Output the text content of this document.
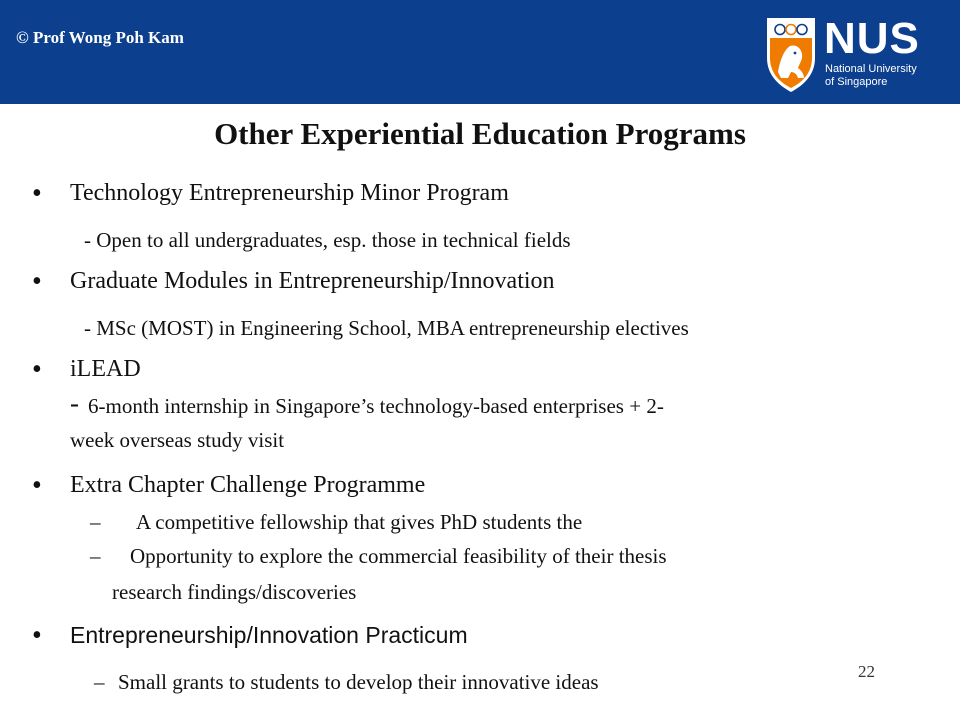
© Prof Wong Poh Kam	NUS
National University
of Singapore
Other Experiential Education Programs
• Technology Entrepreneurship Minor Program
- Open to all undergraduates, esp. those in technical fields
• Graduate Modules in Entrepreneurship/Innovation
- MSc (MOST) in Engineering School, MBA entrepreneurship electives
• iLEAD
- 6-month internship in Singapore’s technology-based enterprises + 2-
week overseas study visit
• Extra Chapter Challenge Programme
– A competitive fellowship that gives PhD students the
– Opportunity to explore the commercial feasibility of their thesis
research findings/discoveries
• Entrepreneurship/Innovation Practicum
– Small grants to students to develop their innovative ideas	22
